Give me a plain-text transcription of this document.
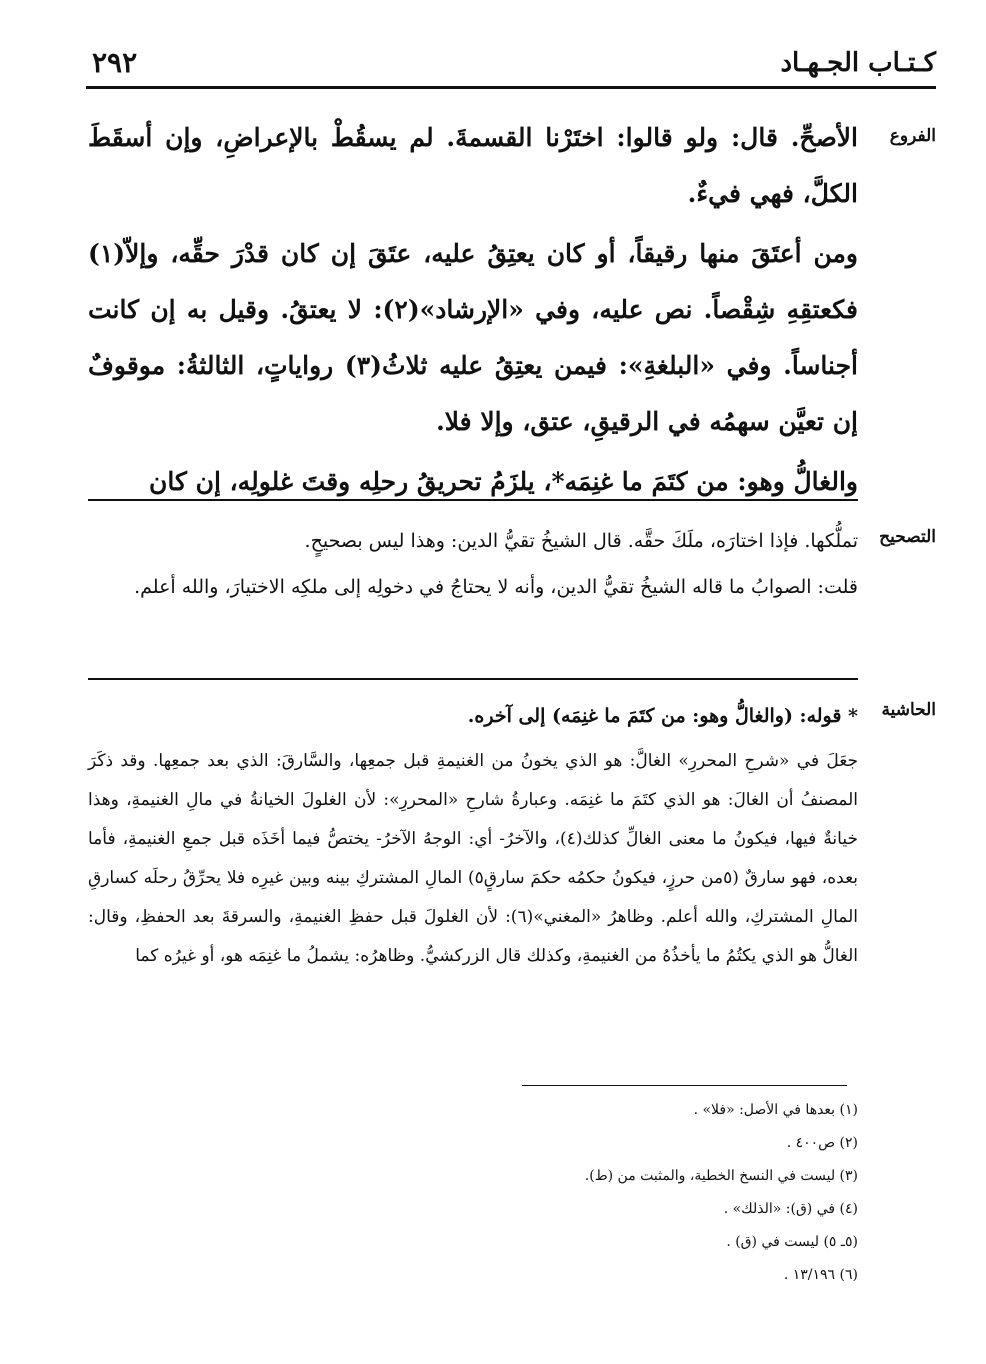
كـتـاب الجـهـاد
٢٩٢
الفروع

الأصحِّ. قال: ولو قالوا: اختَرْنا القسمةَ. لم يسقُطْ بالإعراضِ، وإن أسقَطَ الكلَّ، فهي فيءٌ.

ومن أعتَقَ منها رقيقاً، أو كان يعتِقُ عليه، عتَقَ إن كان قدْرَ حقِّه، وإلاّ(١) فكعتقِهِ شِقْصاً. نص عليه، وفي «الإرشاد»(٢): لا يعتقُ. وقيل به إن كانت أجناساً. وفي «البلغةِ»: فيمن يعتِقُ عليه ثلاثُ(٣) رواياتٍ، الثالثةُ: موقوفٌ إن تعيَّن سهمُه في الرقيقِ، عتق، وإلا فلا.

والغالُّ وهو: من كتَمَ ما غنِمَه*، يلزَمُ تحريقُ رحلِه وقتَ غلولِه، إن كان

التصحيح

تملُّكها. فإذا اختارَه، ملَكَ حقَّه. قال الشيخُ تقيُّ الدين: وهذا ليس بصحيحٍ.

قلت: الصوابُ ما قاله الشيخُ تقيُّ الدين، وأنه لا يحتاجُ في دخولِه إلى ملكِه الاختيارَ، والله أعلم.

الحاشية

* قوله: (والغالُّ وهو: من كتَمَ ما غنِمَه) إلى آخره.

جعَلَ في «شرحِ المحررِ» الغالَّ: هو الذي يخونُ من الغنيمةِ قبل جمعِها، والسَّارقَ: الذي بعد جمعِها. وقد ذكَرَ المصنفُ أن الغالَ: هو الذي كتَمَ ما غنِمَه. وعبارةُ شارحِ «المحررِ»: لأن الغلولَ الخيانةُ في مالِ الغنيمةِ، وهذا خيانةٌ فيها، فيكونُ ما معنى الغالِّ كذلك(٤)، والآخرُ- أي: الوجهُ الآخرُ- يختصُّ فيما أخَذَه قبل جمعِ الغنيمةِ، فأما بعده، فهو سارقٌ (٥من حرزٍ، فيكونُ حكمُه حكمَ سارقٍ٥) المالِ المشتركِ بينه وبين غيرِه فلا يحرِّقُ رحلَه كسارقِ المالِ المشتركِ، والله أعلم. وظاهرُ «المغني»(٦): لأن الغلولَ قبل حفظِ الغنيمةِ، والسرقةَ بعد الحفظِ، وقال: الغالُّ هو الذي يكتُمُ ما يأخذُهُ من الغنيمةِ، وكذلك قال الزركشيُّ. وظاهرُه: يشملُ ما غنِمَه هو، أو غيرُه كما

(١) بعدها في الأصل: «فلا» .

(٢) ص٤٠٠ .

(٣) ليست في النسخ الخطية، والمثبت من (ط).

(٤) في (ق): «الذلك» .

(٥ـ ٥) ليست في (ق) .

(٦) ١٣/١٩٦ .
